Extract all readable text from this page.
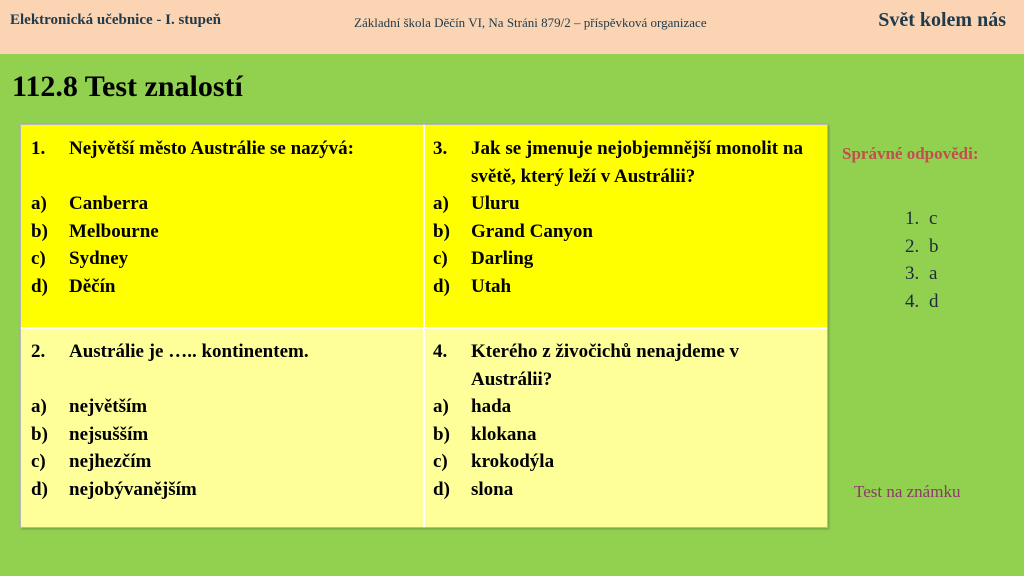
Elektronická učebnice - I. stupeň	Základní škola Děčín VI, Na Stráni 879/2 – příspěvková organizace	Svět kolem nás
112.8 Test znalostí
1.	Největší město Austrálie se nazývá:
a)	Canberra
b)	Melbourne
c)	Sydney
d)	Děčín
3.	Jak se jmenuje nejobjemnější monolit na světě, který leží v Austrálii?
a)	Uluru
b)	Grand Canyon
c)	Darling
d)	Utah
2.	Austrálie je ….. kontinentem.
a)	největším
b)	nejsušším
c)	nejhezčím
d)	nejobývanějším
4.	Kterého z živočichů nenajdeme v Austrálii?
a)	hada
b)	klokana
c)	krokodýla
d)	slona
Správné odpovědi:
1. c
2. b
3. a
4. d
Test na známku
